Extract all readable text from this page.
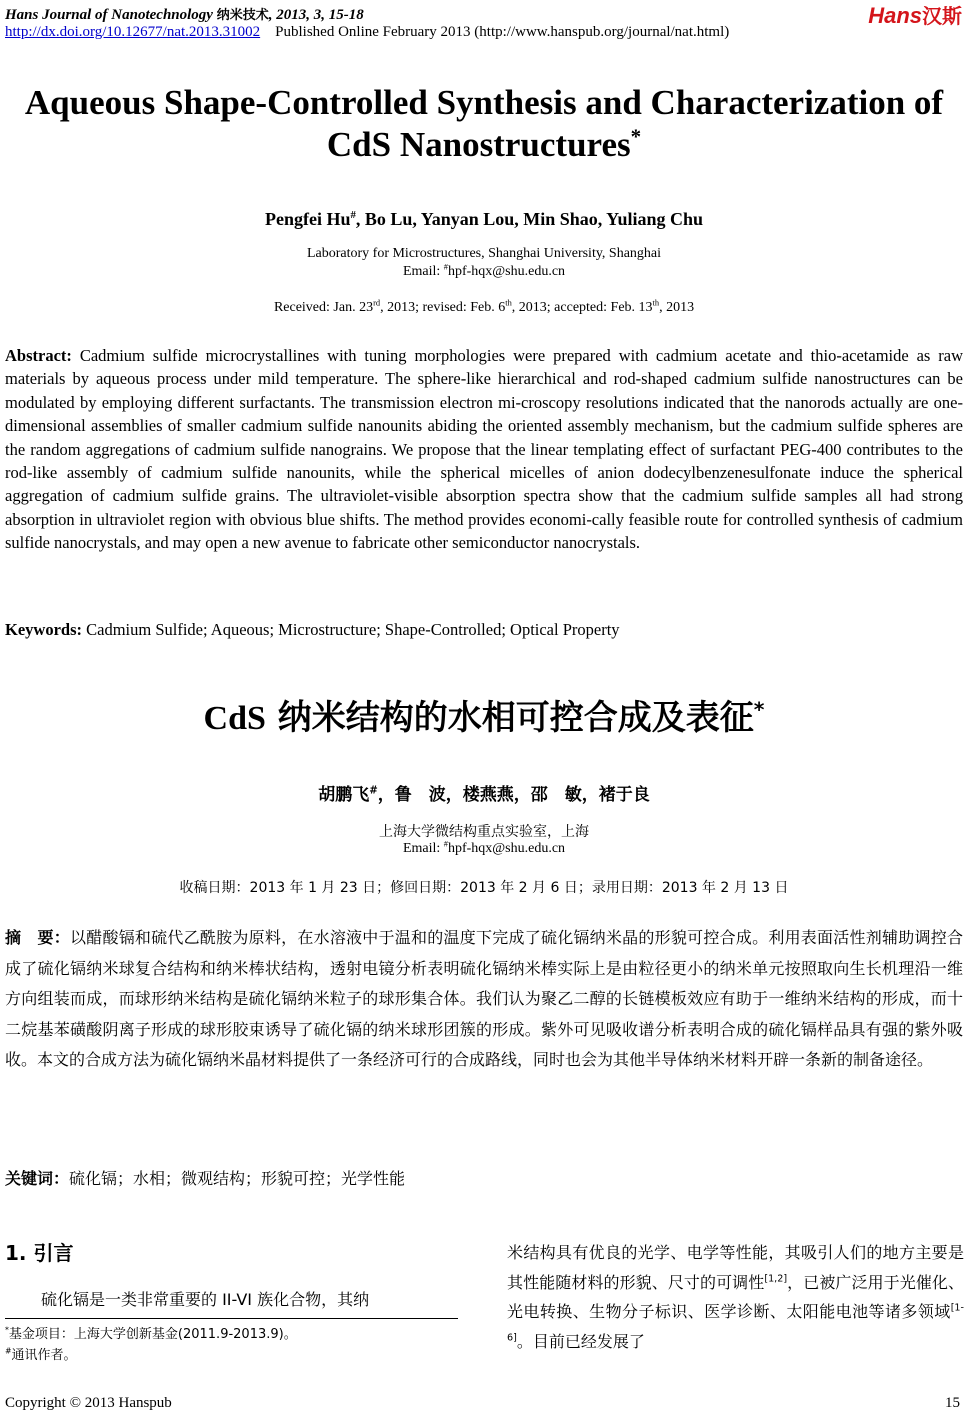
Hans Journal of Nanotechnology 纳米技术, 2013, 3, 15-18	Hans汉斯
http://dx.doi.org/10.12677/nat.2013.31002 Published Online February 2013 (http://www.hanspub.org/journal/nat.html)
Aqueous Shape-Controlled Synthesis and Characterization of
CdS Nanostructures*
Pengfei Hu#, Bo Lu, Yanyan Lou, Min Shao, Yuliang Chu
Laboratory for Microstructures, Shanghai University, Shanghai
Email: #hpf-hqx@shu.edu.cn
Received: Jan. 23rd, 2013; revised: Feb. 6th, 2013; accepted: Feb. 13th, 2013
Abstract: Cadmium sulfide microcrystallines with tuning morphologies were prepared with cadmium acetate and thio-acetamide as raw materials by aqueous process under mild temperature. The sphere-like hierarchical and rod-shaped cadmium sulfide nanostructures can be modulated by employing different surfactants. The transmission electron mi-croscopy resolutions indicated that the nanorods actually are one-dimensional assemblies of smaller cadmium sulfide nanounits abiding the oriented assembly mechanism, but the cadmium sulfide spheres are the random aggregations of cadmium sulfide nanograins. We propose that the linear templating effect of surfactant PEG-400 contributes to the rod-like assembly of cadmium sulfide nanounits, while the spherical micelles of anion dodecylbenzenesulfonate induce the spherical aggregation of cadmium sulfide grains. The ultraviolet-visible absorption spectra show that the cadmium sulfide samples all had strong absorption in ultraviolet region with obvious blue shifts. The method provides economi-cally feasible route for controlled synthesis of cadmium sulfide nanocrystals, and may open a new avenue to fabricate other semiconductor nanocrystals.
Keywords: Cadmium Sulfide; Aqueous; Microstructure; Shape-Controlled; Optical Property
CdS 纳米结构的水相可控合成及表征*
胡鹏飞#，鲁　波，楼燕燕，邵　敏，褚于良
上海大学微结构重点实验室，上海
Email: #hpf-hqx@shu.edu.cn
收稿日期：2013 年 1 月 23 日；修回日期：2013 年 2 月 6 日；录用日期：2013 年 2 月 13 日
摘　要：以醋酸镉和硫代乙酰胺为原料，在水溶液中于温和的温度下完成了硫化镉纳米晶的形貌可控合成。利用表面活性剂辅助调控合成了硫化镉纳米球复合结构和纳米棒状结构，透射电镜分析表明硫化镉纳米棒实际上是由粒径更小的纳米单元按照取向生长机理沿一维方向组装而成，而球形纳米结构是硫化镉纳米粒子的球形集合体。我们认为聚乙二醇的长链模板效应有助于一维纳米结构的形成，而十二烷基苯磺酸阴离子形成的球形胶束诱导了硫化镉的纳米球形团簇的形成。紫外可见吸收谱分析表明合成的硫化镉样品具有强的紫外吸收。本文的合成方法为硫化镉纳米晶材料提供了一条经济可行的合成路线，同时也会为其他半导体纳米材料开辟一条新的制备途径。
关键词：硫化镉；水相；微观结构；形貌可控；光学性能
1. 引言
硫化镉是一类非常重要的 II-VI 族化合物，其纳
米结构具有优良的光学、电学等性能，其吸引人们的地方主要是其性能随材料的形貌、尺寸的可调性[1,2]，已被广泛用于光催化、光电转换、生物分子标识、医学诊断、太阳能电池等诸多领域[1-6]。目前已经发展了
*基金项目：上海大学创新基金(2011.9-2013.9)。
#通讯作者。
Copyright © 2013 Hanspub	15
